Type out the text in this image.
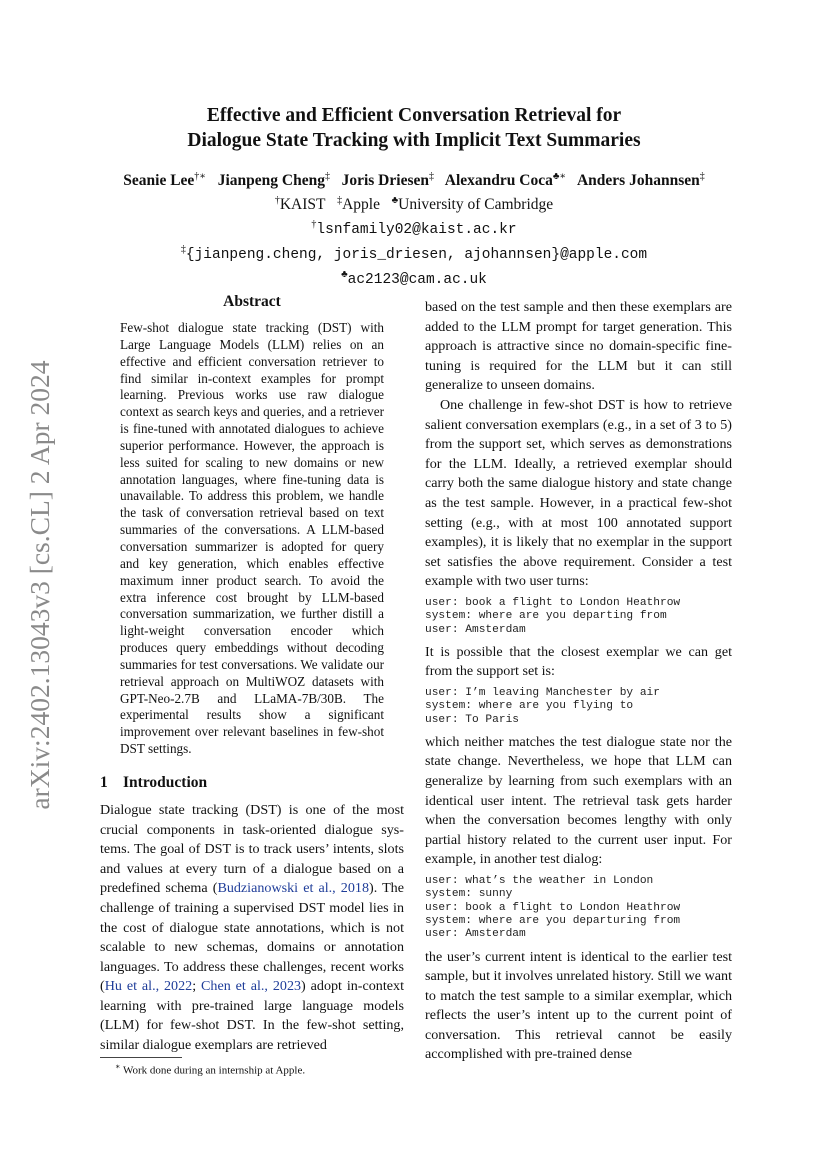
arXiv:2402.13043v3 [cs.CL] 2 Apr 2024
Effective and Efficient Conversation Retrieval for
Dialogue State Tracking with Implicit Text Summaries
Seanie Lee†∗ Jianpeng Cheng‡ Joris Driesen‡ Alexandru Coca♣∗ Anders Johannsen‡
†KAIST ‡Apple ♣University of Cambridge
†lsnfamily02@kaist.ac.kr
‡{jianpeng.cheng, joris_driesen, ajohannsen}@apple.com
♣ac2123@cam.ac.uk
Abstract
Few-shot dialogue state tracking (DST) with Large Language Models (LLM) relies on an effective and efficient conversation retriever to find similar in-context examples for prompt learning. Previous works use raw dialogue context as search keys and queries, and a retriever is fine-tuned with annotated dialogues to achieve superior performance. However, the approach is less suited for scaling to new domains or new annotation languages, where fine-tuning data is unavailable. To address this problem, we handle the task of conversation retrieval based on text summaries of the conversations. A LLM-based conversation summarizer is adopted for query and key generation, which enables effective maximum inner product search. To avoid the extra inference cost brought by LLM-based conversation summarization, we further distill a light-weight conversation encoder which produces query embeddings without decoding summaries for test conversations. We validate our retrieval approach on MultiWOZ datasets with GPT-Neo-2.7B and LLaMA-7B/30B. The experimental results show a significant improvement over relevant baselines in few-shot DST settings.
1 Introduction

Dialogue state tracking (DST) is one of the most crucial components in task-oriented dialogue systems. The goal of DST is to track users’ intents, slots and values at every turn of a dialogue based on a predefined schema (Budzianowski et al., 2018). The challenge of training a supervised DST model lies in the cost of dialogue state annotations, which is not scalable to new schemas, domains or annotation languages. To address these challenges, recent works (Hu et al., 2022; Chen et al., 2023) adopt in-context learning with pre-trained large language models (LLM) for few-shot DST. In the few-shot setting, similar dialogue exemplars are retrieved

based on the test sample and then these exemplars are added to the LLM prompt for target generation. This approach is attractive since no domain-specific fine-tuning is required for the LLM but it can still generalize to unseen domains.

One challenge in few-shot DST is how to retrieve salient conversation exemplars (e.g., in a set of 3 to 5) from the support set, which serves as demonstrations for the LLM. Ideally, a retrieved exemplar should carry both the same dialogue history and state change as the test sample. However, in a practical few-shot setting (e.g., with at most 100 annotated support examples), it is likely that no exemplar in the support set satisfies the above requirement. Consider a test example with two user turns:

user: book a flight to London Heathrow
system: where are you departing from
user: Amsterdam

It is possible that the closest exemplar we can get from the support set is:

user: I’m leaving Manchester by air
system: where are you flying to
user: To Paris

which neither matches the test dialogue state nor the state change. Nevertheless, we hope that LLM can generalize by learning from such exemplars with an identical user intent. The retrieval task gets harder when the conversation becomes lengthy with only partial history related to the current user input. For example, in another test dialog:

user: what’s the weather in London
system: sunny
user: book a flight to London Heathrow
system: where are you departuring from
user: Amsterdam

the user’s current intent is identical to the earlier test sample, but it involves unrelated history. Still we want to match the test sample to a similar exemplar, which reflects the user’s intent up to the current point of conversation. This retrieval cannot be easily accomplished with pre-trained dense

∗ Work done during an internship at Apple.
